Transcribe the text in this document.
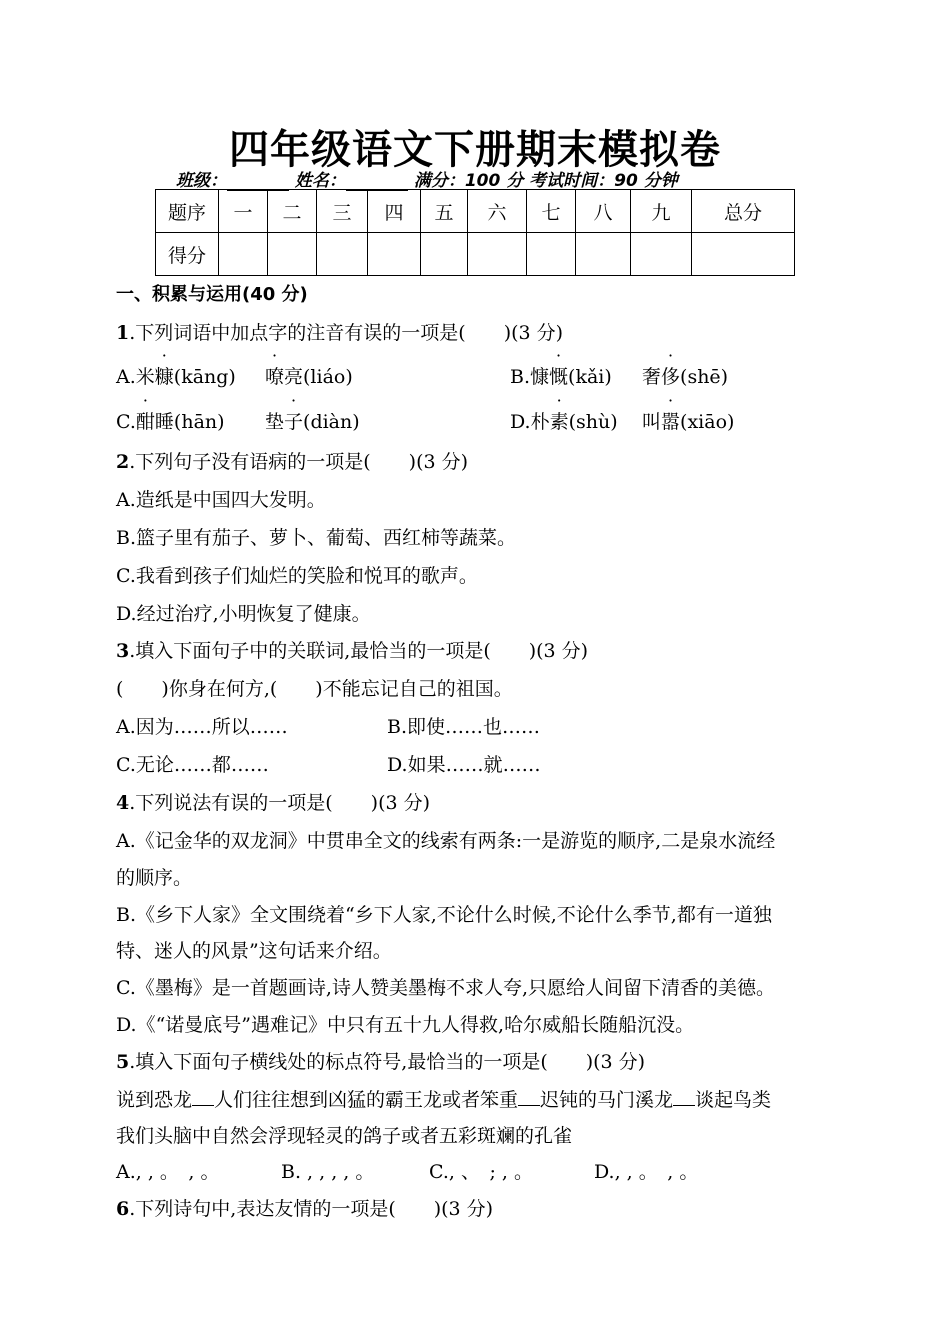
四年级语文下册期末模拟卷
班级：	姓名：	满分：100 分 考试时间：90 分钟
题序	一	二	三	四	五	六	七	八	九	总分
得分										
一、积累与运用(40 分)
1.下列词语中加点字的注音有误的一项是(　　)(3 分)
A.米糠(kāng) 嘹亮(liáo)	B.慷慨(kǎi) 奢侈(shē)
C.酣睡(hān) 垫子(diàn)	D.朴素(shù) 叫嚣(xiāo)
2.下列句子没有语病的一项是(　　)(3 分)
A.造纸是中国四大发明。
B.篮子里有茄子、萝卜、葡萄、西红柿等蔬菜。
C.我看到孩子们灿烂的笑脸和悦耳的歌声。
D.经过治疗,小明恢复了健康。
3.填入下面句子中的关联词,最恰当的一项是(　　)(3 分)
(　　)你身在何方,(　　)不能忘记自己的祖国。
A.因为……所以……	B.即使……也……
C.无论……都……	D.如果……就……
4.下列说法有误的一项是(　　)(3 分)
A.《记金华的双龙洞》中贯串全文的线索有两条:一是游览的顺序,二是泉水流经
的顺序。
B.《乡下人家》全文围绕着“乡下人家,不论什么时候,不论什么季节,都有一道独
特、迷人的风景”这句话来介绍。
C.《墨梅》是一首题画诗,诗人赞美墨梅不求人夸,只愿给人间留下清香的美德。
D.《“诺曼底号”遇难记》中只有五十九人得救,哈尔威船长随船沉没。
5.填入下面句子横线处的标点符号,最恰当的一项是(　　)(3 分)
说到恐龙 人们往往想到凶猛的霸王龙或者笨重 迟钝的马门溪龙 谈起鸟类
我们头脑中自然会浮现轻灵的鸽子或者五彩斑斓的孔雀
A., , 。　, 。	B. , , , , 。	C., 、　; , 。	D., , 。　, 。
6.下列诗句中,表达友情的一项是(　　)(3 分)
